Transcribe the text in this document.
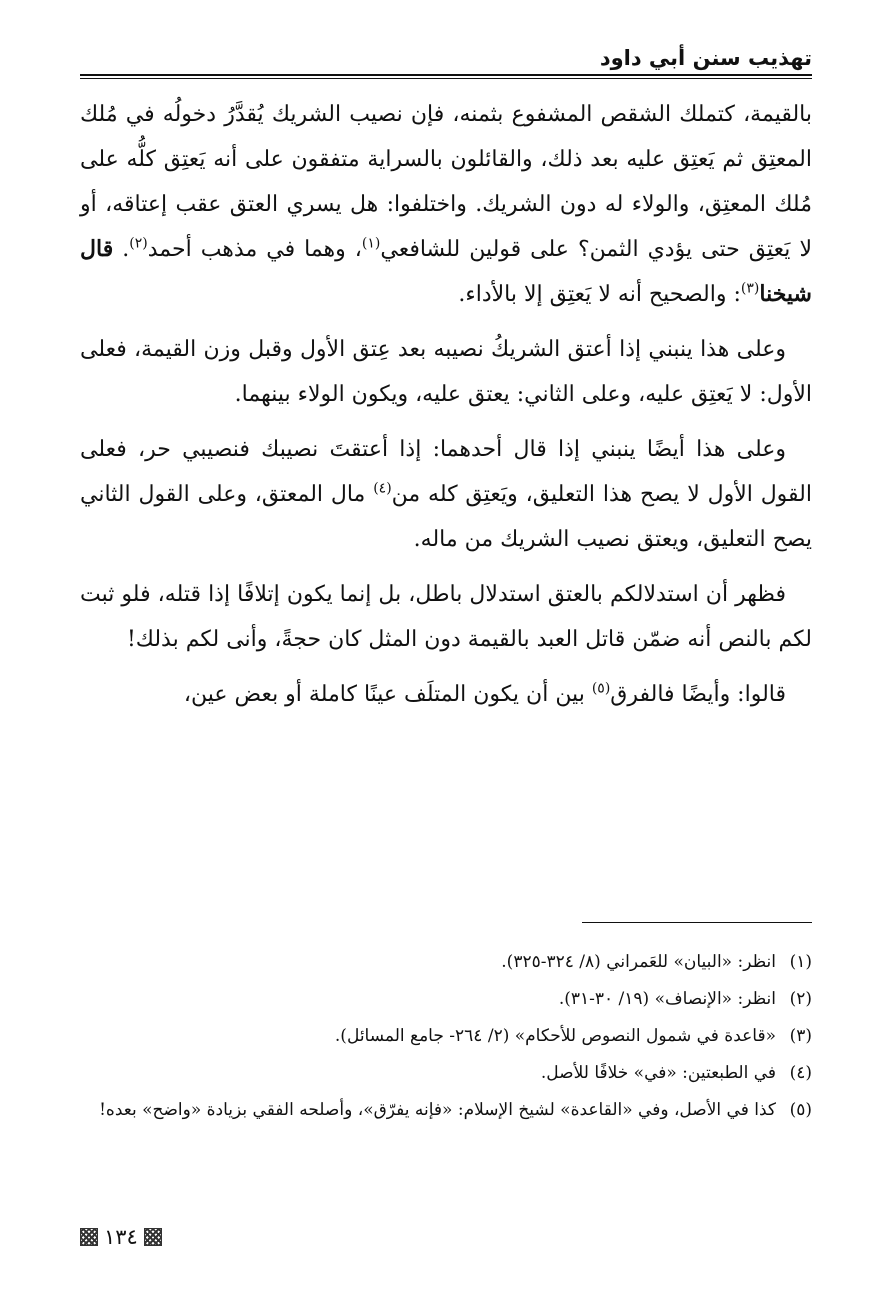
تهذيب سنن أبي داود

بالقيمة، كتملك الشقص المشفوع بثمنه، فإن نصيب الشريك يُقدَّرُ دخولُه في مُلك المعتِق ثم يَعتِق عليه بعد ذلك، والقائلون بالسراية متفقون على أنه يَعتِق كلُّه على مُلك المعتِق، والولاء له دون الشريك. واختلفوا: هل يسري العتق عقب إعتاقه، أو لا يَعتِق حتى يؤدي الثمن؟ على قولين للشافعي$^{(١)}$، وهما في مذهب أحمد$^{(٢)}$. قال شيخنا$^{(٣)}$: والصحيح أنه لا يَعتِق إلا بالأداء.

وعلى هذا ينبني إذا أعتق الشريكُ نصيبه بعد عِتق الأول وقبل وزن القيمة، فعلى الأول: لا يَعتِق عليه، وعلى الثاني: يعتق عليه، ويكون الولاء بينهما.

وعلى هذا أيضًا ينبني إذا قال أحدهما: إذا أعتقتَ نصيبك فنصيبي حر، فعلى القول الأول لا يصح هذا التعليق، ويَعتِق كله من$^{(٤)}$ مال المعتق، وعلى القول الثاني يصح التعليق، ويعتق نصيب الشريك من ماله.

فظهر أن استدلالكم بالعتق استدلال باطل، بل إنما يكون إتلافًا إذا قتله، فلو ثبت لكم بالنص أنه ضمّن قاتل العبد بالقيمة دون المثل كان حجةً، وأنى لكم بذلك!

قالوا: وأيضًا فالفرق$^{(٥)}$ بين أن يكون المتلَف عينًا كاملة أو بعض عين،

(١)
انظر: «البيان» للعَمراني (٨/ ٣٢٤-٣٢٥).
(٢)
انظر: «الإنصاف» (١٩/ ٣٠-٣١).
(٣)
«قاعدة في شمول النصوص للأحكام» (٢/ ٢٦٤- جامع المسائل).
(٤)
في الطبعتين: «في» خلافًا للأصل.
(٥)
كذا في الأصل، وفي «القاعدة» لشيخ الإسلام: «فإنه يفرّق»، وأصلحه الفقي بزيادة «واضح» بعده!
١٣٤
